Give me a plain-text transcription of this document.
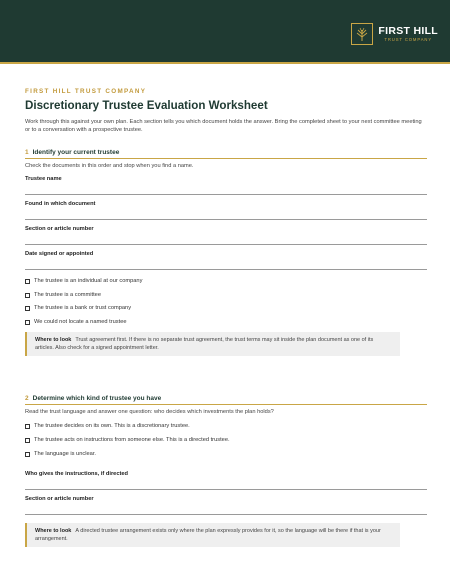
FIRST HILL
TRUST COMPANY
FIRST HILL TRUST COMPANY
Discretionary Trustee Evaluation Worksheet
Work through this against your own plan. Each section tells you which document holds the answer. Bring the completed sheet to your next committee meeting or to a conversation with a prospective trustee.
1 Identify your current trustee
Check the documents in this order and stop when you find a name.
Trustee name
Found in which document
Section or article number
Date signed or appointed
The trustee is an individual at our company
The trustee is a committee
The trustee is a bank or trust company
We could not locate a named trustee
Where to look Trust agreement first. If there is no separate trust agreement, the trust terms may sit inside the plan document as one of its articles. Also check for a signed appointment letter.
2 Determine which kind of trustee you have
Read the trust language and answer one question: who decides which investments the plan holds?
The trustee decides on its own. This is a discretionary trustee.
The trustee acts on instructions from someone else. This is a directed trustee.
The language is unclear.
Who gives the instructions, if directed
Section or article number
Where to look A directed trustee arrangement exists only where the plan expressly provides for it, so the language will be there if that is your arrangement.
